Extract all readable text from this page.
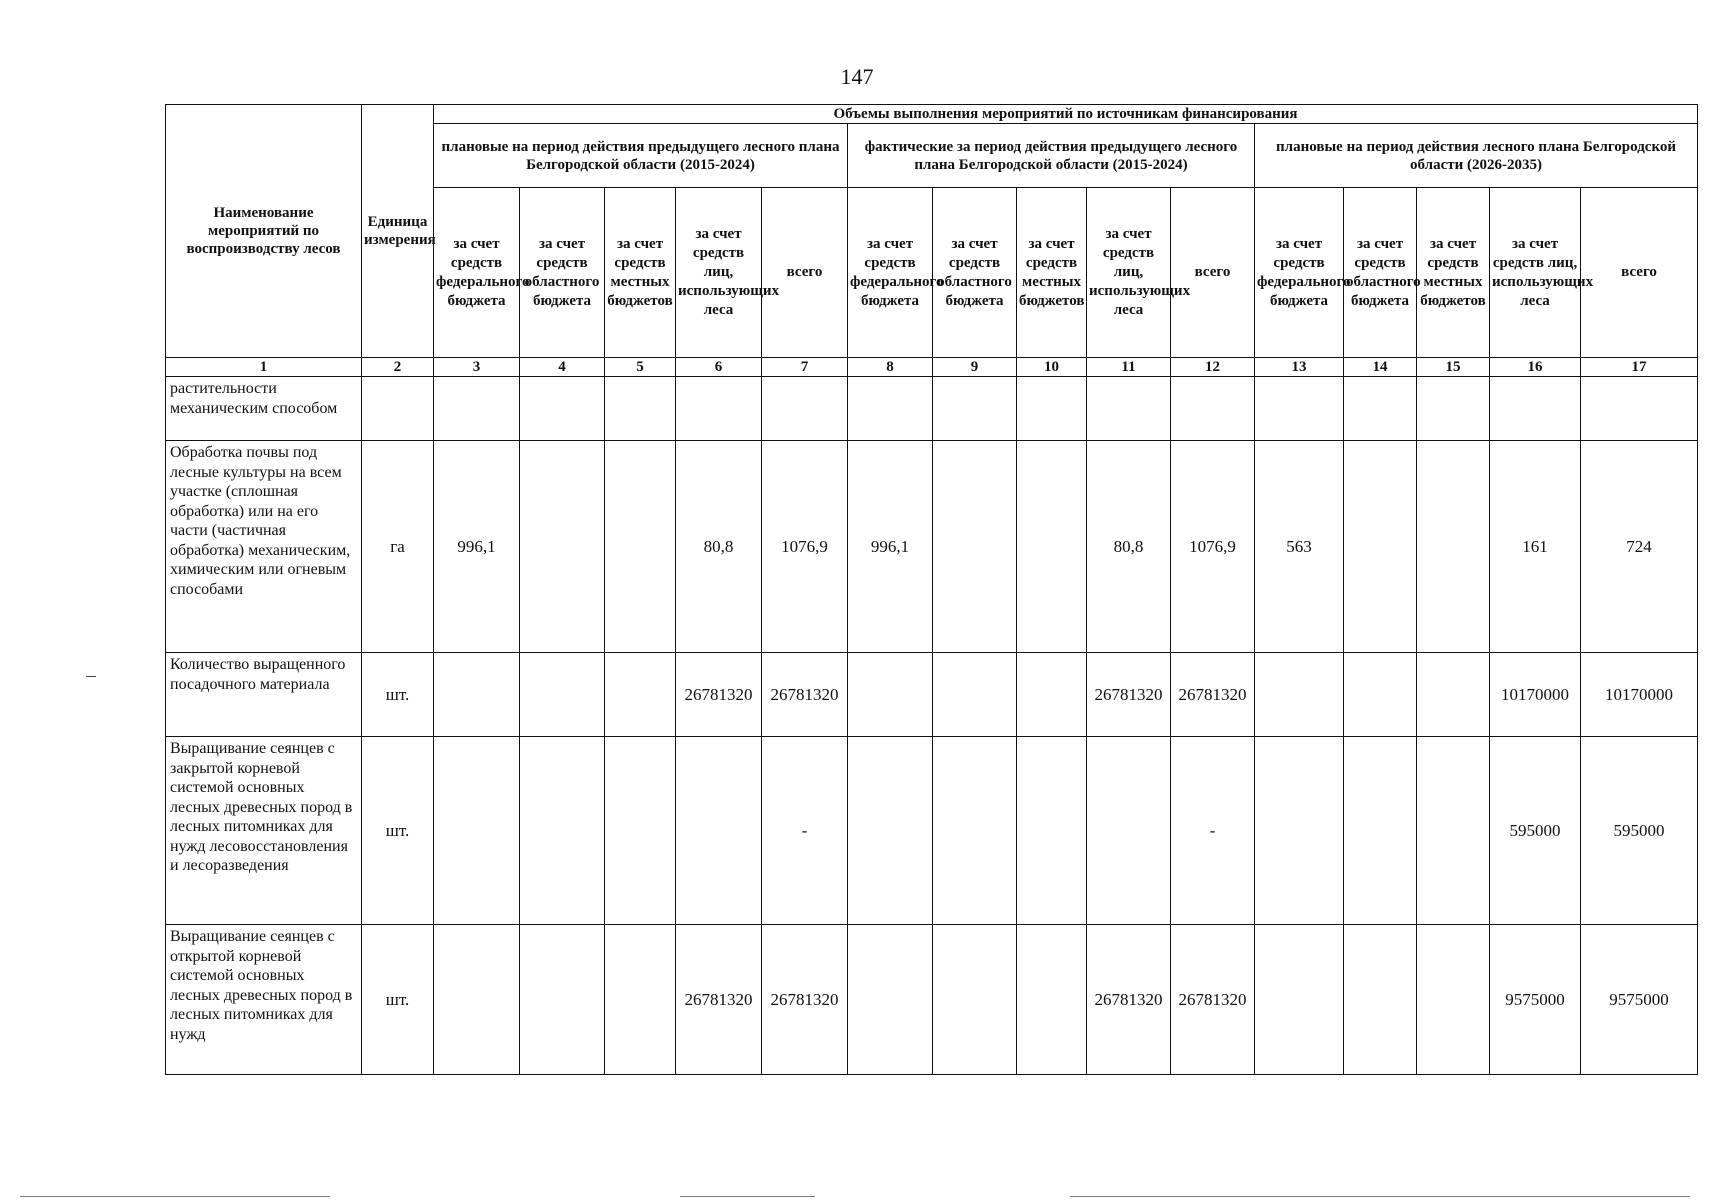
147
Наименование мероприятий по воспроизводству лесов	Единица измерения	Объемы выполнения мероприятий по источникам финансирования														
		плановые на период действия предыдущего лесного плана Белгородской области (2015-2024)					фактические за период действия предыдущего лесного плана Белгородской области (2015-2024)					плановые на период действия лесного плана Белгородской области (2026-2035)				
		за счет средств федерального бюджета	за счет средств областного бюджета	за счет средств местных бюджетов	за счет средств лиц, использующих леса	всего	за счет средств федерального бюджета	за счет средств областного бюджета	за счет средств местных бюджетов	за счет средств лиц, использующих леса	всего	за счет средств федерального бюджета	за счет средств областного бюджета	за счет средств местных бюджетов	за счет средств лиц, использующих леса	всего
1	2	3	4	5	6	7	8	9	10	11	12	13	14	15	16	17
растительности механическим способом																
Обработка почвы под лесные культуры на всем участке (сплошная обработка) или на его части (частичная обработка) механическим, химическим или огневым способами	га	996,1			80,8	1076,9	996,1			80,8	1076,9	563			161	724
Количество выращенного посадочного материала	шт.				26781320	26781320				26781320	26781320				10170000	10170000
Выращивание сеянцев с закрытой корневой системой основных лесных древесных пород в лесных питомниках для нужд лесовосстановления и лесоразведения	шт.					-					-				595000	595000
Выращивание сеянцев с открытой корневой системой основных лесных древесных пород в лесных питомниках для нужд	шт.				26781320	26781320				26781320	26781320				9575000	9575000
